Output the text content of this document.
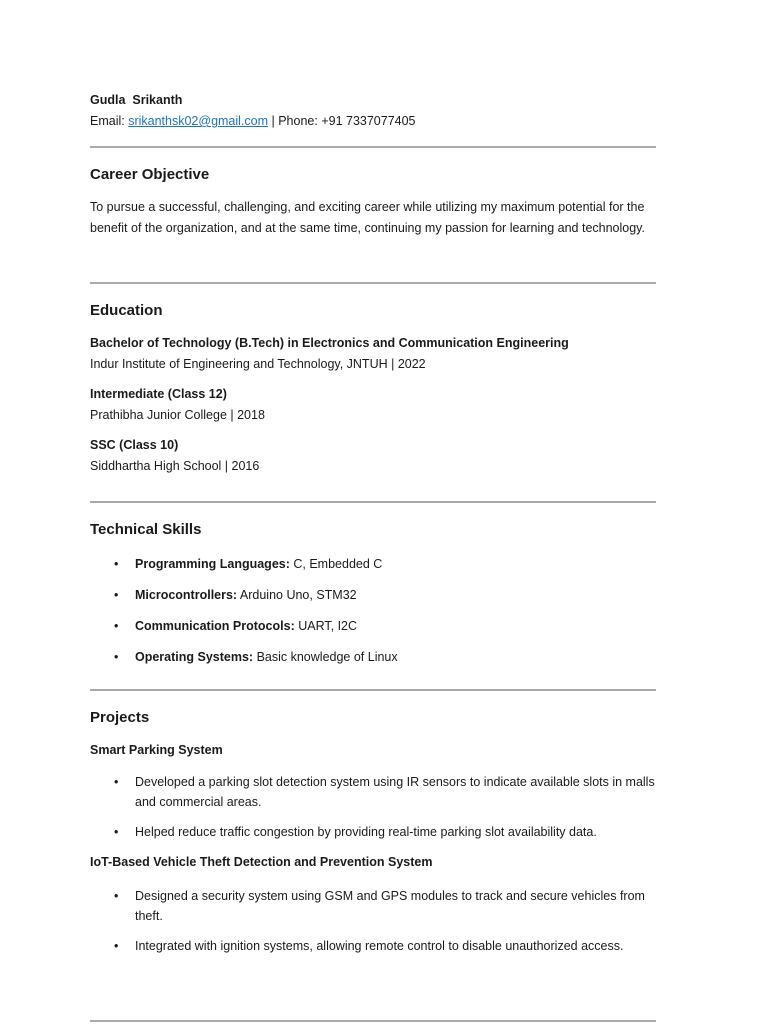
Gudla  Srikanth
Email: srikanthsk02@gmail.com | Phone: +91 7337077405
Career Objective
To pursue a successful, challenging, and exciting career while utilizing my maximum potential for the benefit of the organization, and at the same time, continuing my passion for learning and technology.
Education
Bachelor of Technology (B.Tech) in Electronics and Communication Engineering
Indur Institute of Engineering and Technology, JNTUH | 2022
Intermediate (Class 12)
Prathibha Junior College | 2018
SSC (Class 10)
Siddhartha High School | 2016
Technical Skills
• Programming Languages: C, Embedded C
• Microcontrollers: Arduino Uno, STM32
• Communication Protocols: UART, I2C
• Operating Systems: Basic knowledge of Linux
Projects
Smart Parking System
• Developed a parking slot detection system using IR sensors to indicate available slots in malls and commercial areas.
• Helped reduce traffic congestion by providing real-time parking slot availability data.
IoT-Based Vehicle Theft Detection and Prevention System
• Designed a security system using GSM and GPS modules to track and secure vehicles from theft.
• Integrated with ignition systems, allowing remote control to disable unauthorized access.
